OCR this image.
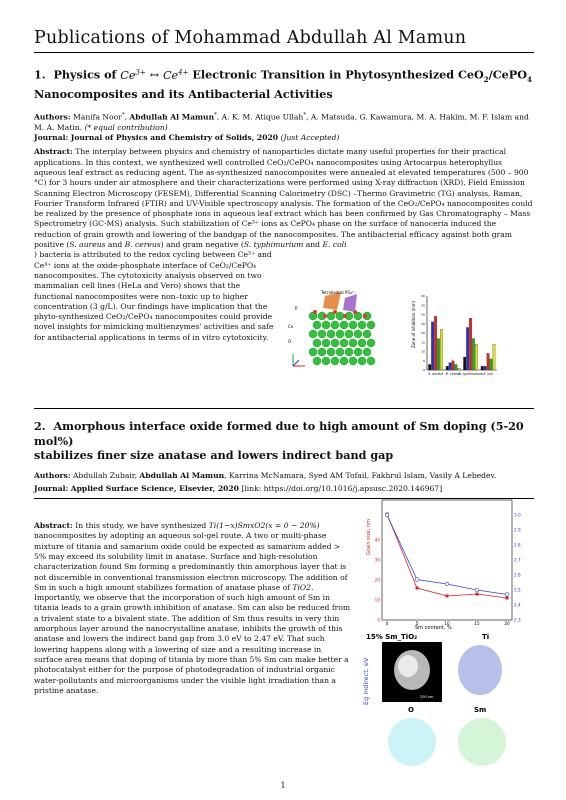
Publications of Mohammad Abdullah Al Mamun
1. Physics of $Ce^{3+}$ ↔ $Ce^{4+}$ Electronic Transition in Phytosynthesized CeO$_2$/CePO$_4$
Nanocomposites and its Antibacterial Activities

Authors: Manifa Noor*, Abdullah Al Mamun*, A. K. M. Atique Ullah*, A. Matsuda, G. Kawamura, M. A. Hakim, M. F. Islam and M. A. Matin. (* equal contribution)

Journal: Journal of Physics and Chemistry of Solids, 2020 (Just Accepted)

Abstract: The interplay between physics and chemistry of nanoparticles dictate many useful properties for their practical applications. In this context, we synthesized well controlled CeO₂/CePO₄ nanocomposites using Artocarpus heterophyllus aqueous leaf extract as reducing agent. The as-synthesized nanocomposites were annealed at elevated temperatures (500 – 900 °C) for 3 hours under air atmosphere and their characterizations were performed using X-ray diffraction (XRD), Field Emission Scanning Electron Microscopy (FESEM), Differential Scanning Calorimetry (DSC) –Thermo Gravimetric (TG) analysis, Raman, Fourier Transform Infrared (FTIR) and UV-Visible spectroscopy analysis. The formation of the CeO₂/CePO₄ nanocomposites could be realized by the presence of phosphate ions in aqueous leaf extract which has been confirmed by Gas Chromatography – Mass Spectrometry (GC-MS) analysis. Such stabilization of Ce³⁺ ions as CePO₄ phase on the surface of nanoceria induced the reduction of grain growth and lowering of the bandgap of the nanocomposites. The antibacterial efficacy against both gram positive (S. aureus and B. cereus) and gram negative (S. typhimurium and E. coli
) bacteria is attributed to the redox cycling between Ce³⁺ and Ce⁴⁺ ions at the oxide-phosphate interface of CeO₂/CePO₄ nanocomposites. The cytotoxicity analysis observed on two mammalian cell lines (HeLa and Vero) shows that the functional nanocomposites were non–toxic up to higher concentration (3 g/L). Our findings have implication that the phyto-synthesized CeO₂/CePO₄ nanocomposites could provide novel insights for mimicking multienzymes' activities and safe for antibacterial applications in terms of in vitro cytotoxicity.
2. Amorphous interface oxide formed due to high amount of Sm doping (5-20 mol%)
stabilizes finer size anatase and lowers indirect band gap

Authors: Abdullah Zubair, Abdullah Al Mamun, Karrina McNamara, Syed AM Tofail, Fakhrul Islam, Vasily A Lebedev.

Journal: Applied Surface Science, Elsevier, 2020 [link: https://doi.org/10.1016/j.apsusc.2020.146967]

Abstract: In this study, we have synthesized Ti(1−x)SmxO2(x = 0 − 20%) nanocomposites by adopting an aqueous sol-gel route. A two or multi-phase mixture of titania and samarium oxide could be expected as samarium added > 5% may exceed its solubility limit in anatase. Surface and high-resolution characterization found Sm forming a predominantly thin amorphous layer that is not discernible in conventional transmission electron microscopy. The addition of Sm in such a high amount stabilizes formation of anatase phase of TiO2. Importantly, we observe that the incorporation of such high amount of Sm in titania leads to a grain growth inhibition of anatase. Sm can also be reduced from a trivalent state to a bivalent state. The addition of Sm thus results in very thin amorphous layer around the nanocrystalline anatase, inhibits the growth of this anatase and lowers the indirect band gap from 3.0 eV to 2.47 eV. That such lowering happens along with a lowering of size and a resulting increase in surface area means that doping of titania by more than 5% Sm can make better a photocatalyst either for the purpose of photodegradation of industrial organic water-pollutants and microorganisms under the visible light irradiation than a pristine anatase.
Tetrahedral PO₄³⁻
Ce
O
P	Zone of inhibition (mm)
0
5
10
15
20
25
30
35
40
S. aureus B. cereus
S. typhimurium E. coli
Grain size, nm
Sm content, %
40
30
20
10
0
3.0
2.9
2.8
2.7
2.6
2.5
2.4
2.3
0	5	10	15	20
15% Sm_TiO₂	Ti
200 nm
O	Sm
Eg indirect, eV
1
